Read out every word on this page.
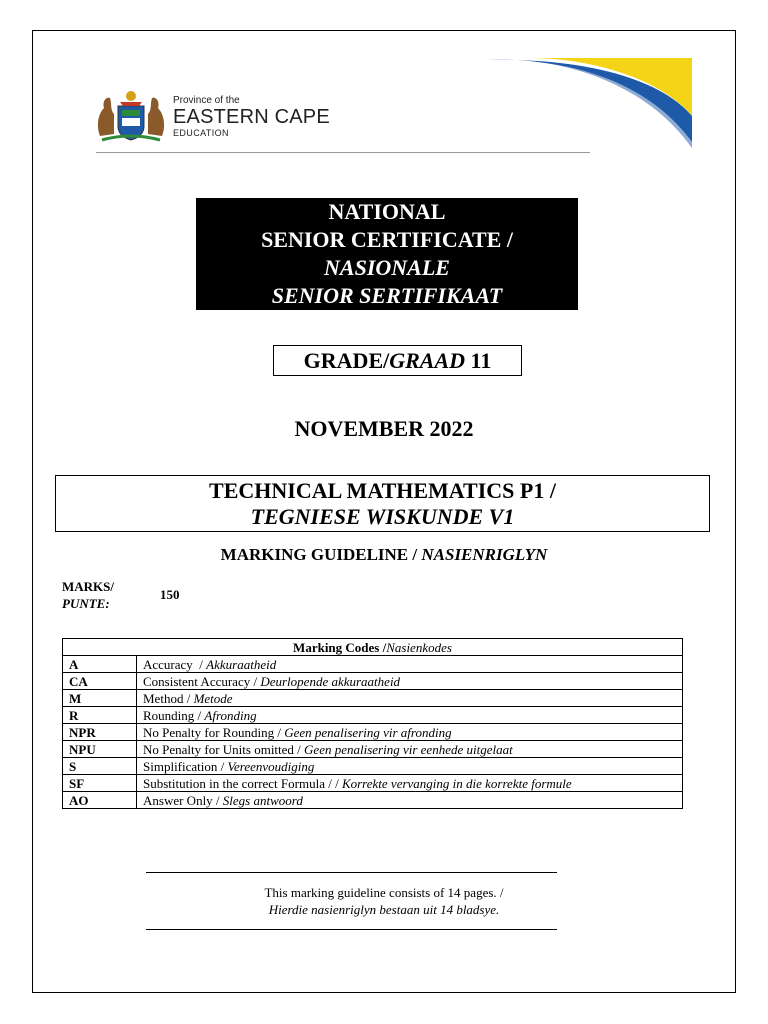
Province of the
EASTERN CAPE
EDUCATION
NATIONAL
SENIOR CERTIFICATE /
NASIONALE
SENIOR SERTIFIKAAT
GRADE/GRAAD 11
NOVEMBER 2022
TECHNICAL MATHEMATICS P1 /
TEGNIESE WISKUNDE V1
MARKING GUIDELINE / NASIENRIGLYN
MARKS/
PUNTE:
150
Marking Codes /Nasienkodes	
A	Accuracy  / Akkuraatheid
CA	Consistent Accuracy / Deurlopende akkuraatheid
M	Method / Metode
R	Rounding / Afronding
NPR	No Penalty for Rounding / Geen penalisering vir afronding
NPU	No Penalty for Units omitted / Geen penalisering vir eenhede uitgelaat
S	Simplification / Vereenvoudiging
SF	Substitution in the correct Formula / / Korrekte vervanging in die korrekte formule
AO	Answer Only / Slegs antwoord
This marking guideline consists of 14 pages. /
Hierdie nasienriglyn bestaan uit 14 bladsye.
